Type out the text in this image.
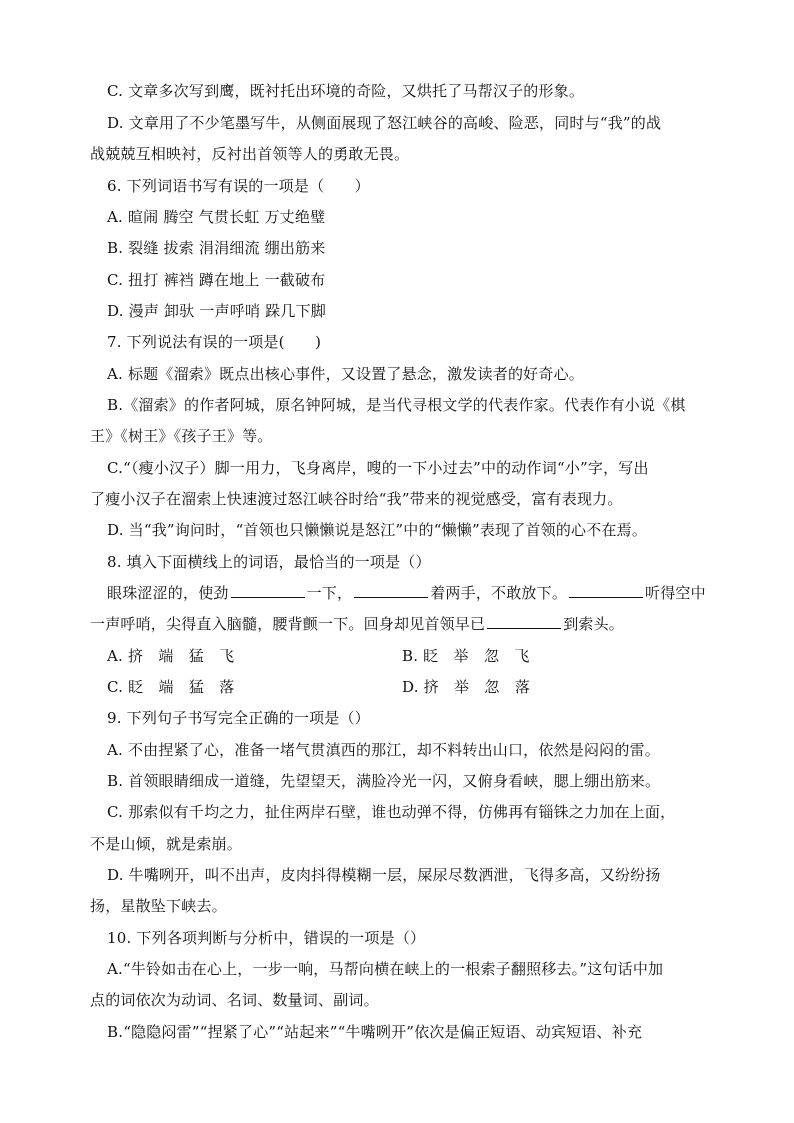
C. 文章多次写到鹰，既衬托出环境的奇险，又烘托了马帮汉子的形象。
D. 文章用了不少笔墨写牛，从侧面展现了怒江峡谷的高峻、险恶，同时与“我”的战
战兢兢互相映衬，反衬出首领等人的勇敢无畏。
6. 下列词语书写有误的一项是（　　）
A. 暄闹 腾空 气贯长虹 万丈绝璧
B. 裂缝 拔索 涓涓细流 绷出筋来
C. 扭打 裤裆 蹲在地上 一截破布
D. 漫声 卸驮 一声呼哨 跺几下脚
7. 下列说法有误的一项是(　　)
A. 标题《溜索》既点出核心事件，又设置了悬念，激发读者的好奇心。
B.《溜索》的作者阿城，原名钟阿城，是当代寻根文学的代表作家。代表作有小说《棋
王》《树王》《孩子王》等。
C.“（瘦小汉子）脚一用力，飞身离岸，嗖的一下小过去”中的动作词“小”字，写出
了瘦小汉子在溜索上快速渡过怒江峡谷时给“我”带来的视觉感受，富有表现力。
D. 当“我”询问时，“首领也只懒懒说是怒江”中的“懒懒”表现了首领的心不在焉。
8. 填入下面横线上的词语，最恰当的一项是（）
眼珠涩涩的，使劲	一下，	着两手，不敢放下。	听得空中
一声呼哨，尖得直入脑髓，腰背颤一下。回身却见首领早已	到索头。
A. 挤　端　猛　飞	B. 眨　举　忽　飞
C. 眨　端　猛　落	D. 挤　举　忽　落
9. 下列句子书写完全正确的一项是（）
A. 不由捏紧了心，准备一堵气贯滇西的那江，却不料转出山口，依然是闷闷的雷。
B. 首领眼睛细成一道缝，先望望天，满脸冷光一闪，又俯身看峡，腮上绷出筋来。
C. 那索似有千均之力，扯住两岸石壁，谁也动弹不得，仿佛再有锱铢之力加在上面，
不是山倾，就是索崩。
D. 牛嘴咧开，叫不出声，皮肉抖得模糊一层，屎尿尽数洒泄，飞得多高，又纷纷扬
扬，星散坠下峡去。
10. 下列各项判断与分析中，错误的一项是（）
A.“牛铃如击在心上，一步一响，马帮向横在峡上的一根索子翻照移去。”这句话中加
点的词依次为动词、名词、数量词、副词。
B.“隐隐闷雷”“捏紧了心”“站起来”“牛嘴咧开”依次是偏正短语、动宾短语、补充
